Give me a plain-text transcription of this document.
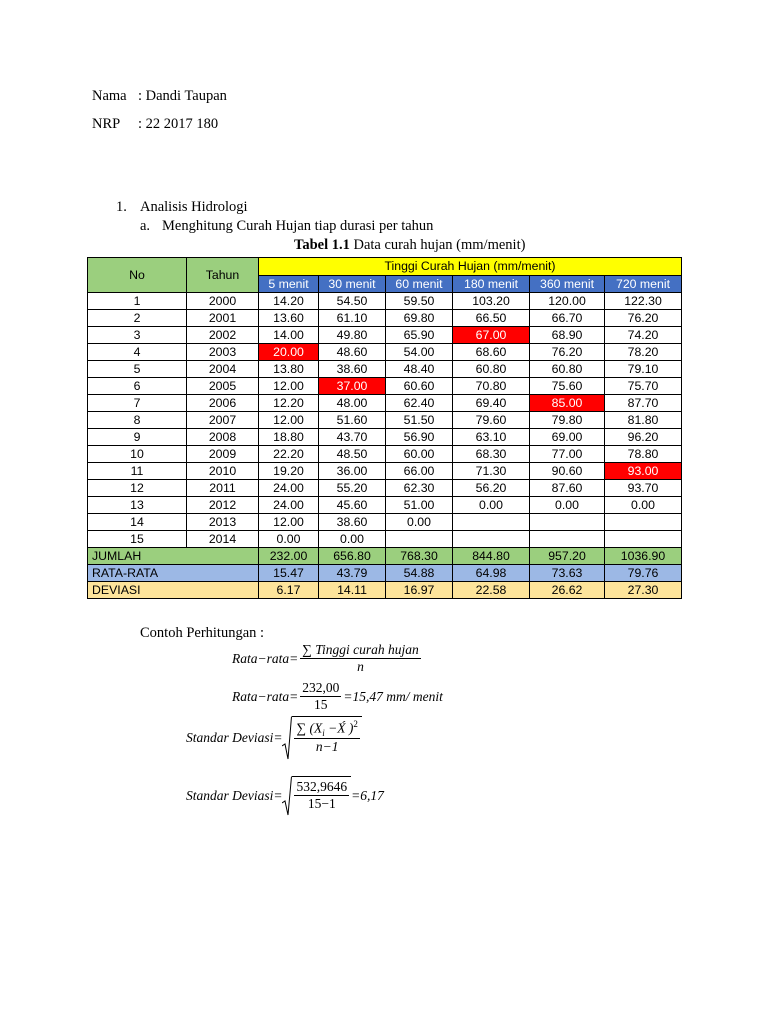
Nama : Dandi Taupan
NRP : 22 2017 180
1. Analisis Hidrologi
a. Menghitung Curah Hujan tiap durasi per tahun
Tabel 1.1 Data curah hujan (mm/menit)
No	Tahun	Tinggi Curah Hujan (mm/menit)					
		5 menit	30 menit	60 menit	180 menit	360 menit	720 menit
1	2000	14.20	54.50	59.50	103.20	120.00	122.30
2	2001	13.60	61.10	69.80	66.50	66.70	76.20
3	2002	14.00	49.80	65.90	67.00	68.90	74.20
4	2003	20.00	48.60	54.00	68.60	76.20	78.20
5	2004	13.80	38.60	48.40	60.80	60.80	79.10
6	2005	12.00	37.00	60.60	70.80	75.60	75.70
7	2006	12.20	48.00	62.40	69.40	85.00	87.70
8	2007	12.00	51.60	51.50	79.60	79.80	81.80
9	2008	18.80	43.70	56.90	63.10	69.00	96.20
10	2009	22.20	48.50	60.00	68.30	77.00	78.80
11	2010	19.20	36.00	66.00	71.30	90.60	93.00
12	2011	24.00	55.20	62.30	56.20	87.60	93.70
13	2012	24.00	45.60	51.00	0.00	0.00	0.00
14	2013	12.00	38.60	0.00			
15	2014	0.00	0.00				
JUMLAH		232.00	656.80	768.30	844.80	957.20	1036.90
RATA-RATA		15.47	43.79	54.88	64.98	73.63	79.76
DEVIASI		6.17	14.11	16.97	22.58	26.62	27.30
Contoh Perhitungan :
Rata−rata= $\frac{\text{∑ Tinggi curah hujan}}{n}$
Rata−rata= $\frac{232,00}{15} =15,47$ mm/ menit
Standar Deviasi= $\frac{\sum (X_i -X́ )^2}{n-1}$
Standar Deviasi= $\frac{532,9646}{15-1} =6,17$
